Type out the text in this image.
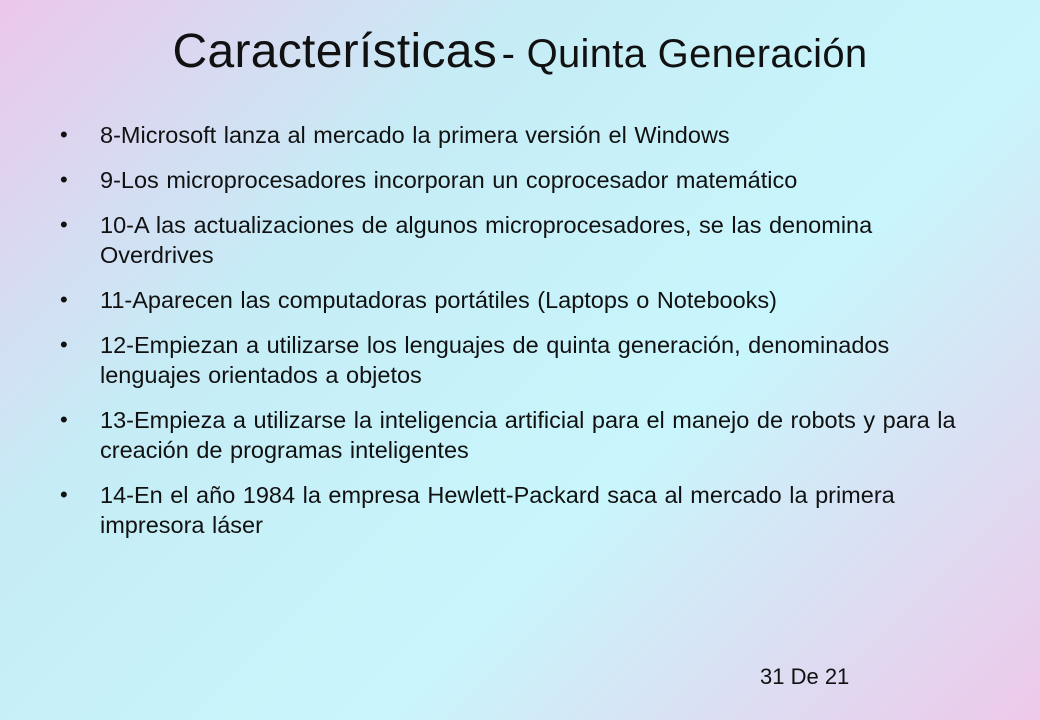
Características - Quinta Generación
•	8-Microsoft lanza al mercado la primera versión el Windows
•	9-Los microprocesadores incorporan un coprocesador matemático
•	10-A las actualizaciones de algunos microprocesadores, se las denomina Overdrives
•	11-Aparecen las computadoras portátiles (Laptops o Notebooks)
•	12-Empiezan a utilizarse los lenguajes de quinta generación, denominados lenguajes orientados a objetos
•	13-Empieza a utilizarse la inteligencia artificial para el manejo de robots y para la creación de programas inteligentes
•	14-En el año 1984 la empresa Hewlett-Packard saca al mercado la primera impresora láser
31 De 21
